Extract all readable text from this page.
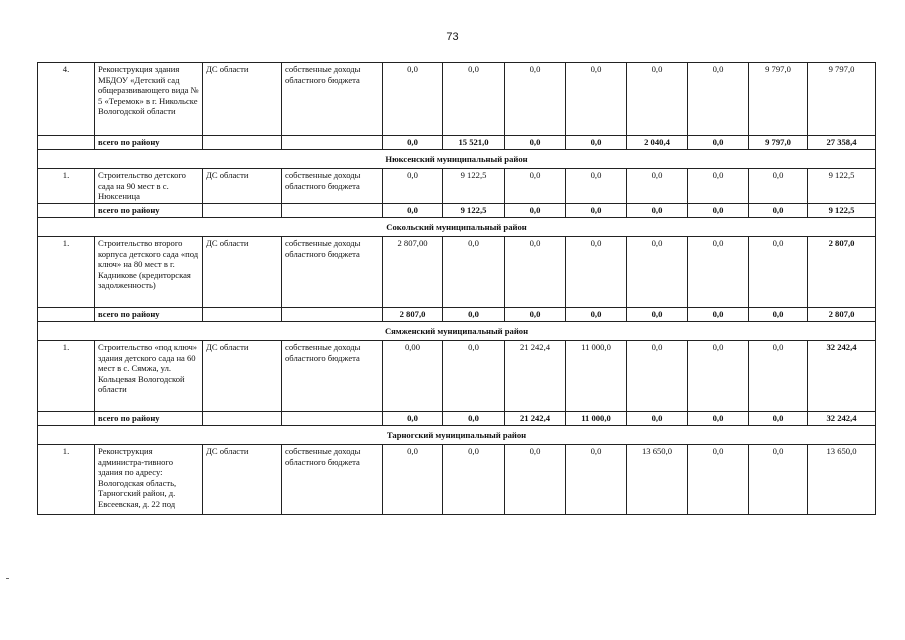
73
4.	Реконструкция здания МБДОУ «Детский сад общеразвивающего вида № 5 «Теремок» в г. Никольске Вологодской области	ДС области	собственные доходы областного бюджета	0,0	0,0	0,0	0,0	0,0	0,0	9 797,0	9 797,0
	всего по району			0,0	15 521,0	0,0	0,0	2 040,4	0,0	9 797,0	27 358,4
Нюксенский муниципальный район											
1.	Строительство детского сада на 90 мест в с. Нюксеница	ДС области	собственные доходы областного бюджета	0,0	9 122,5	0,0	0,0	0,0	0,0	0,0	9 122,5
	всего по району			0,0	9 122,5	0,0	0,0	0,0	0,0	0,0	9 122,5
Сокольский муниципальный район											
1.	Строительство второго корпуса детского сада «под ключ» на 80 мест в г. Кадникове (кредиторская задолженность)	ДС области	собственные доходы областного бюджета	2 807,00	0,0	0,0	0,0	0,0	0,0	0,0	2 807,0
	всего по району			2 807,0	0,0	0,0	0,0	0,0	0,0	0,0	2 807,0
Сямженский муниципальный район											
1.	Строительство «под ключ» здания детского сада на 60 мест в с. Сямжа, ул. Кольцевая Вологодской области	ДС области	собственные доходы областного бюджета	0,00	0,0	21 242,4	11 000,0	0,0	0,0	0,0	32 242,4
	всего по району			0,0	0,0	21 242,4	11 000,0	0,0	0,0	0,0	32 242,4
Тарногский муниципальный район											
1.	Реконструкция администра-тивного здания по адресу: Вологодская область, Тарногский район, д. Евсеевская, д. 22 под	ДС области	собственные доходы областного бюджета	0,0	0,0	0,0	0,0	13 650,0	0,0	0,0	13 650,0
